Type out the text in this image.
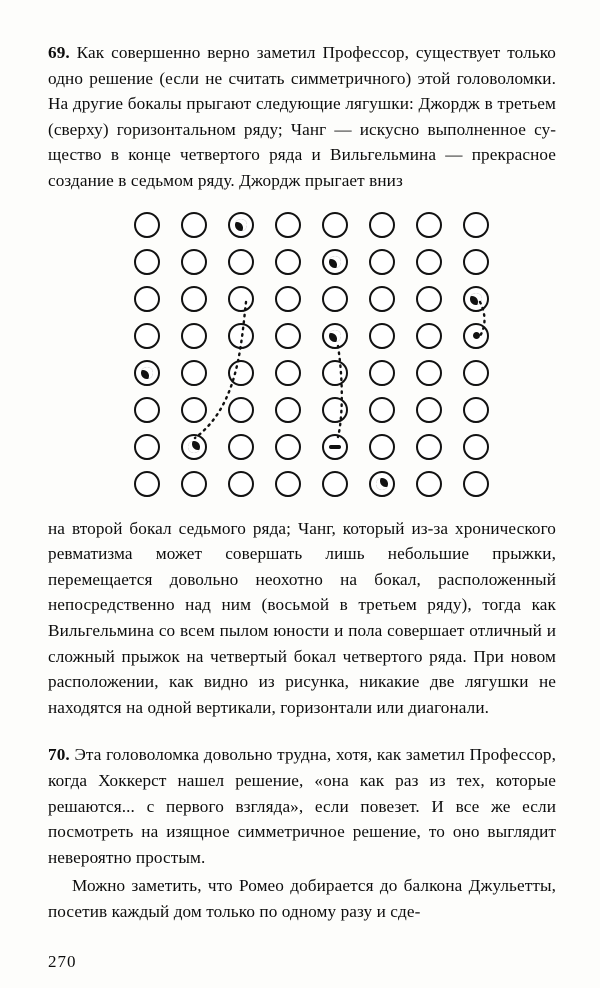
69. Как совершенно верно заметил Профессор, существует только одно решение (если не считать симметричного) этой головоломки. На другие бокалы прыгают следующие лягушки: Джордж в третьем (сверху) горизонтальном ряду; Чанг — искусно выполненное существо в конце четвертого ряда и Вильгельмина — прекрасное создание в седьмом ряду. Джордж прыгает вниз

на второй бокал седьмого ряда; Чанг, который из-за хронического ревматизма может совершать лишь небольшие прыжки, перемещается довольно неохотно на бокал, расположенный непосредственно над ним (восьмой в третьем ряду), тогда как Вильгельмина со всем пылом юности и пола совершает отличный и сложный прыжок на четвертый бокал четвертого ряда. При новом расположении, как видно из рисунка, никакие две лягушки не находятся на одной вертикали, горизонтали или диагонали.

70. Эта головоломка довольно трудна, хотя, как заметил Профессор, когда Хоккерст нашел решение, «она как раз из тех, которые решаются... с первого взгляда», если повезет. И все же если посмотреть на изящное симметричное решение, то оно выглядит невероятно простым.

Можно заметить, что Ромео добирается до балкона Джульетты, посетив каждый дом только по одному разу и сде-

270
